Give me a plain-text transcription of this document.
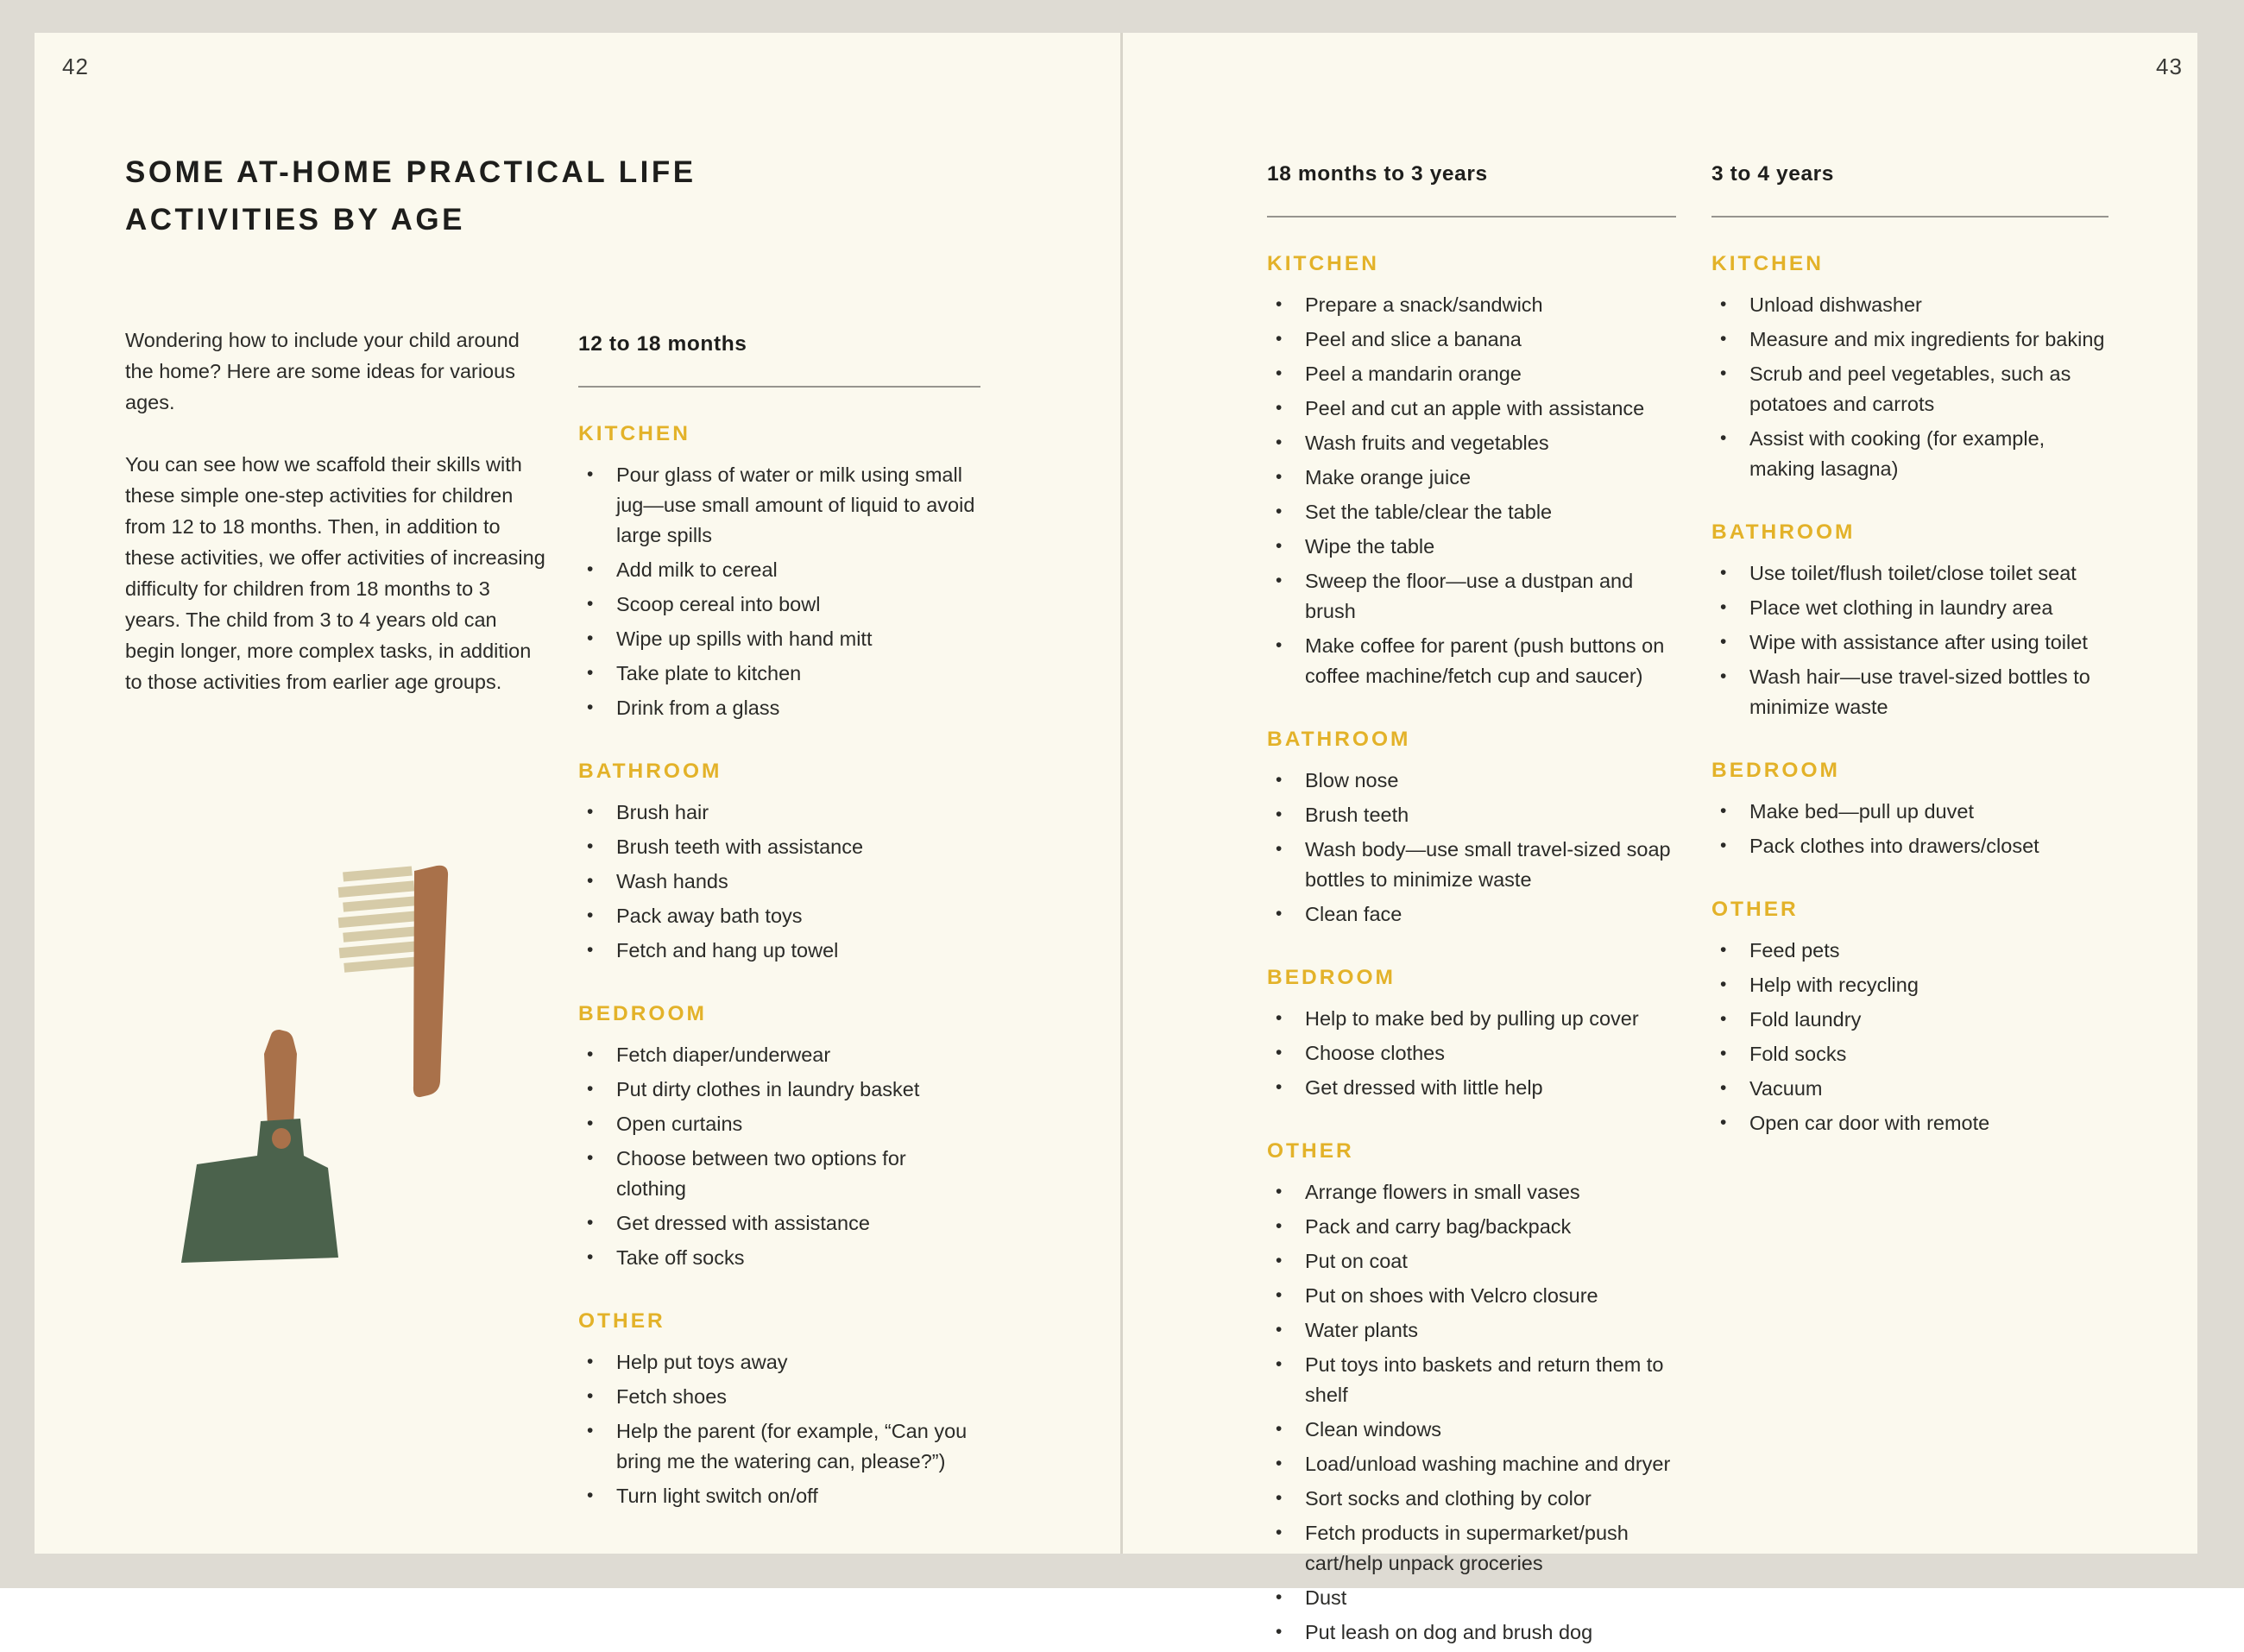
42
SOME AT-HOME PRACTICAL LIFE
ACTIVITIES BY AGE

Wondering how to include your child around the home? Here are some ideas for various ages.

You can see how we scaffold their skills with these simple one-step activities for children from 12 to 18 months. Then, in addition to these activities, we offer activities of increasing difficulty for children from 18 months to 3 years. The child from 3 to 4 years old can begin longer, more complex tasks, in addition to those activities from earlier age groups.

12 to 18 months
KITCHEN
• Pour glass of water or milk using small jug—use small amount of liquid to avoid large spills
• Add milk to cereal
• Scoop cereal into bowl
• Wipe up spills with hand mitt
• Take plate to kitchen
• Drink from a glass
BATHROOM
• Brush hair
• Brush teeth with assistance
• Wash hands
• Pack away bath toys
• Fetch and hang up towel
BEDROOM
• Fetch diaper/underwear
• Put dirty clothes in laundry basket
• Open curtains
• Choose between two options for clothing
• Get dressed with assistance
• Take off socks
OTHER
• Help put toys away
• Fetch shoes
• Help the parent (for example, “Can you bring me the watering can, please?”)
• Turn light switch on/off
43
18 months to 3 years
KITCHEN
• Prepare a snack/sandwich
• Peel and slice a banana
• Peel a mandarin orange
• Peel and cut an apple with assistance
• Wash fruits and vegetables
• Make orange juice
• Set the table/clear the table
• Wipe the table
• Sweep the floor—use a dustpan and brush
• Make coffee for parent (push buttons on coffee machine/fetch cup and saucer)
BATHROOM
• Blow nose
• Brush teeth
• Wash body—use small travel-sized soap bottles to minimize waste
• Clean face
BEDROOM
• Help to make bed by pulling up cover
• Choose clothes
• Get dressed with little help
OTHER
• Arrange flowers in small vases
• Pack and carry bag/backpack
• Put on coat
• Put on shoes with Velcro closure
• Water plants
• Put toys into baskets and return them to shelf
• Clean windows
• Load/unload washing machine and dryer
• Sort socks and clothing by color
• Fetch products in supermarket/push cart/help unpack groceries
• Dust
• Put leash on dog and brush dog
3 to 4 years
KITCHEN
• Unload dishwasher
• Measure and mix ingredients for baking
• Scrub and peel vegetables, such as potatoes and carrots
• Assist with cooking (for example, making lasagna)
BATHROOM
• Use toilet/flush toilet/close toilet seat
• Place wet clothing in laundry area
• Wipe with assistance after using toilet
• Wash hair—use travel-sized bottles to minimize waste
BEDROOM
• Make bed—pull up duvet
• Pack clothes into drawers/closet
OTHER
• Feed pets
• Help with recycling
• Fold laundry
• Fold socks
• Vacuum
• Open car door with remote
